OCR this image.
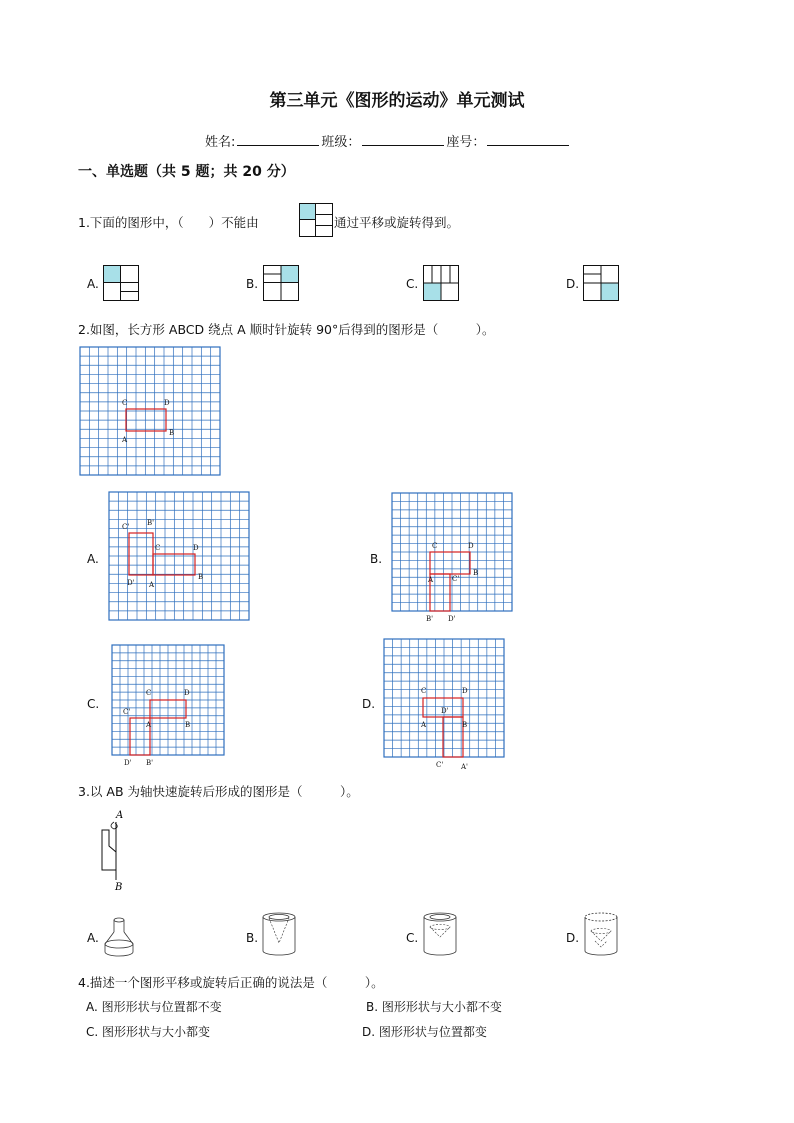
第三单元《图形的运动》单元测试
姓名:	班级：	座号：
一、单选题（共 5 题；共 20 分）
1.下面的图形中，（　　）不能由	通过平移或旋转得到。
A.	B.	C.	D.
2.如图，长方形 ABCD 绕点 A 顺时针旋转 90°后得到的图形是（　　　）。
C	D
A
B
A.
C'	B'
C	D
D' A
B
B.
C	D
A	C'
B
B' D'
C.
C	D
C'
A	B
D' B'
D.
C	D
D'
A	B
C'	A'
3.以 AB 为轴快速旋转后形成的图形是（　　　）。
A
B
A.	B.	C.	D.
4.描述一个图形平移或旋转后正确的说法是（　　　）。
A. 图形形状与位置都不变	B. 图形形状与大小都不变
C. 图形形状与大小都变	D. 图形形状与位置都变
